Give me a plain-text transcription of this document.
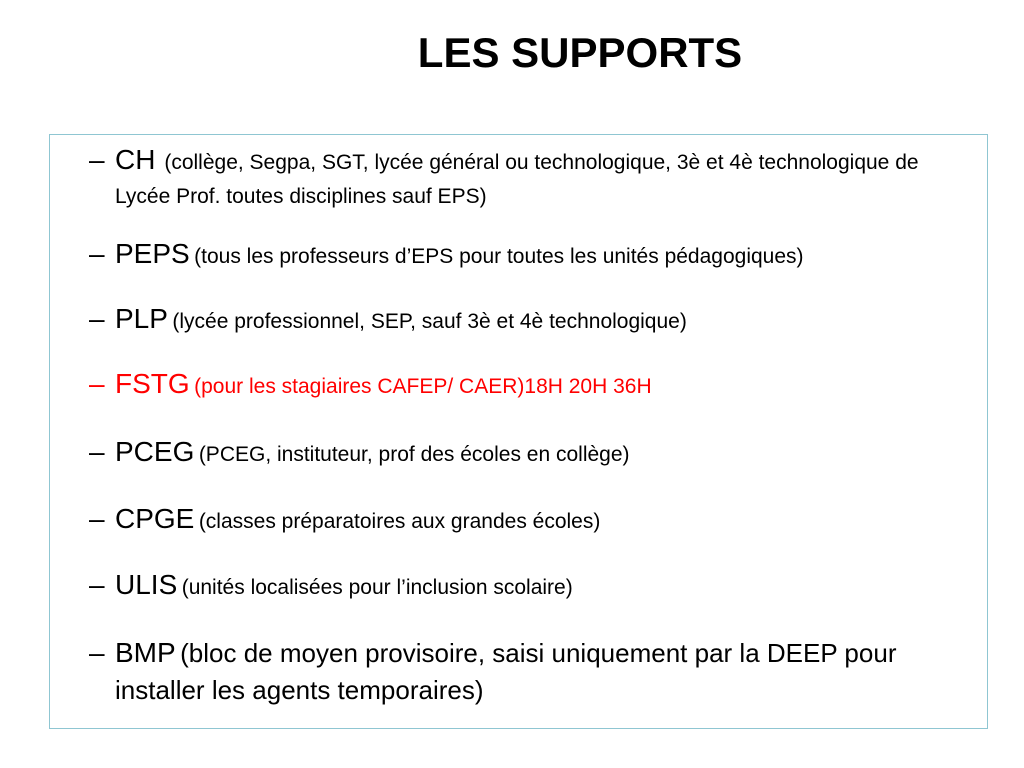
LES SUPPORTS
– CH (collège, Segpa, SGT, lycée général ou technologique, 3è et 4è technologique de Lycée Prof. toutes disciplines sauf EPS)
– PEPS (tous les professeurs d’EPS pour toutes les unités pédagogiques)
– PLP (lycée professionnel, SEP, sauf 3è et 4è technologique)
– FSTG (pour les stagiaires CAFEP/ CAER)18H 20H 36H
– PCEG (PCEG, instituteur, prof des écoles en collège)
– CPGE (classes préparatoires aux grandes écoles)
– ULIS (unités localisées pour l’inclusion scolaire)
– BMP (bloc de moyen provisoire, saisi uniquement par la DEEP pour installer les agents temporaires)
